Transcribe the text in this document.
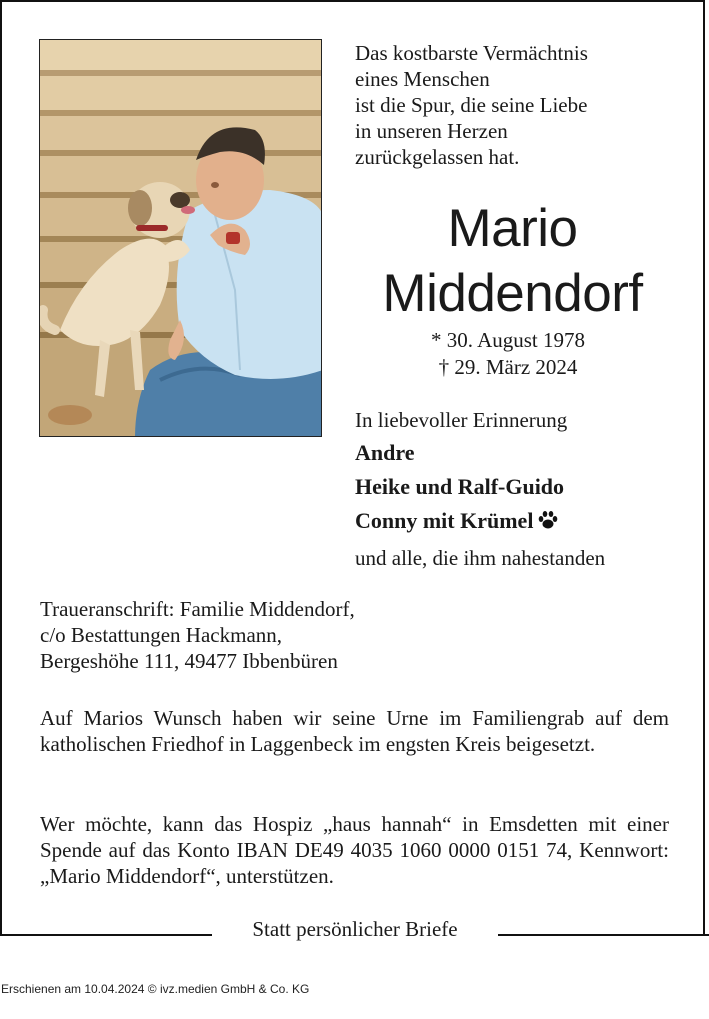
Das kostbarste Vermächtnis
eines Menschen
ist die Spur, die seine Liebe
in unseren Herzen
zurückgelassen hat.
Mario
Middendorf
* 30. August 1978
† 29. März 2024
In liebevoller Erinnerung
Andre
Heike und Ralf-Guido
Conny mit Krümel
und alle, die ihm nahestanden
Traueranschrift: Familie Middendorf,
c/o Bestattungen Hackmann,
Bergeshöhe 111, 49477 Ibbenbüren
Auf Marios Wunsch haben wir seine Urne im Familiengrab auf dem katholischen Friedhof in Laggenbeck im engsten Kreis beigesetzt.
Wer möchte, kann das Hospiz „haus hannah“ in Emsdetten mit einer Spende auf das Konto IBAN DE49 4035 1060 0000 0151 74, Kennwort: „Mario Middendorf“, unterstützen.
Statt persönlicher Briefe
Erschienen am 10.04.2024 © ivz.medien GmbH & Co. KG
